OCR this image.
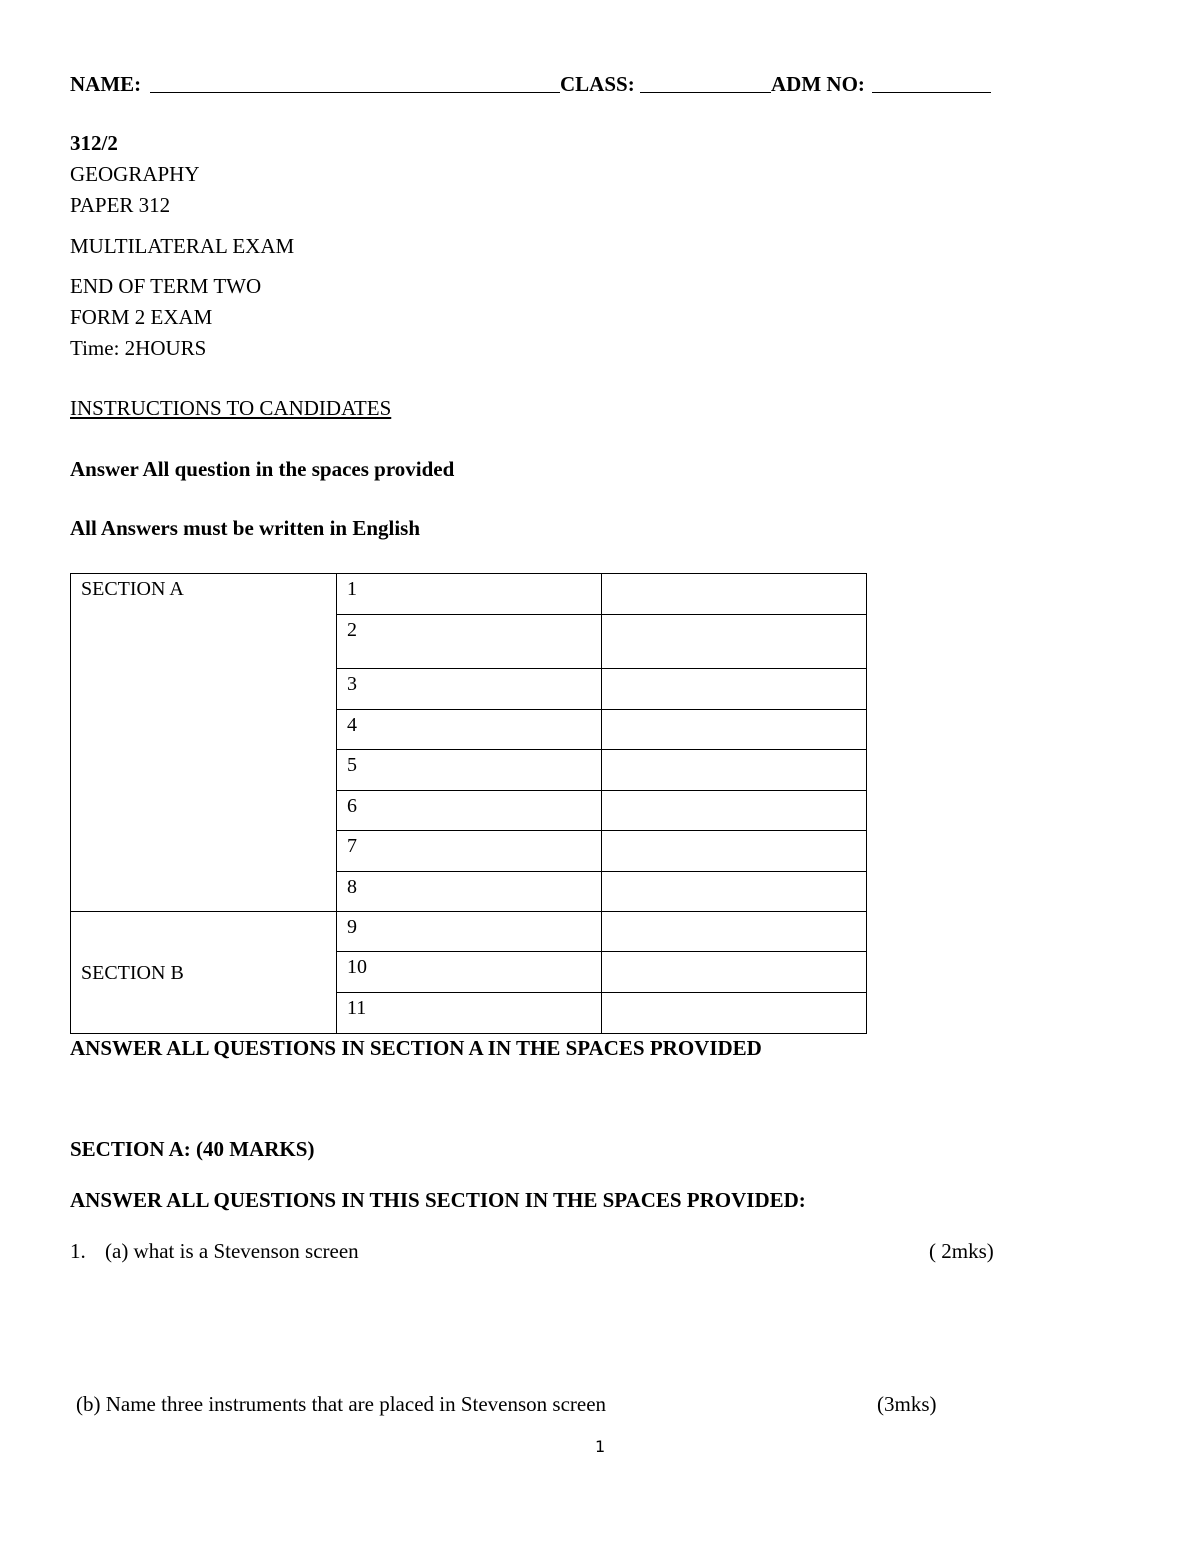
NAME:	CLASS:	ADM NO:
312/2
GEOGRAPHY
PAPER 312
MULTILATERAL EXAM
END OF TERM TWO
FORM 2 EXAM
Time: 2HOURS
INSTRUCTIONS TO CANDIDATES
Answer All question in the spaces provided
All Answers must be written in English
SECTION A	1	
	2	
	3	
	4	
	5	
	6	
	7	
	8	
SECTION B	9	
	10	
	11	
ANSWER ALL QUESTIONS IN SECTION A IN THE SPACES PROVIDED
SECTION A: (40 MARKS)
ANSWER ALL QUESTIONS IN THIS SECTION IN THE SPACES PROVIDED:
1. (a) what is a Stevenson screen	( 2mks)
(b) Name three instruments that are placed in Stevenson screen	(3mks)
1
